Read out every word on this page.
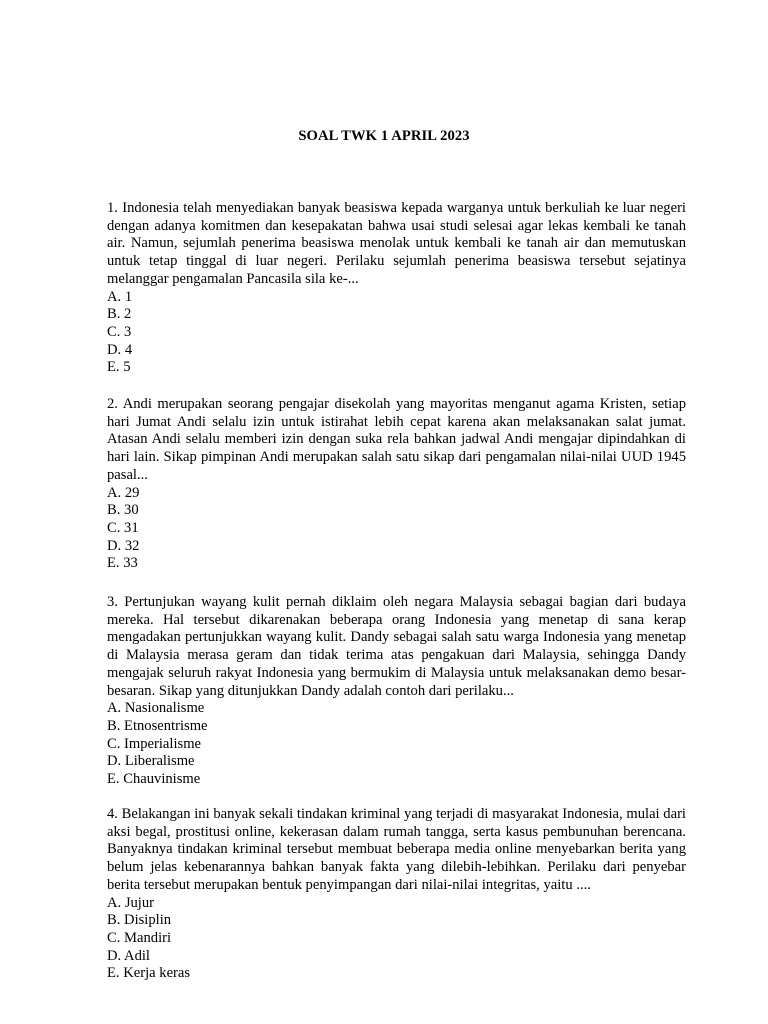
SOAL TWK 1 APRIL 2023

1. Indonesia telah menyediakan banyak beasiswa kepada warganya untuk berkuliah ke luar negeri dengan adanya komitmen dan kesepakatan bahwa usai studi selesai agar lekas kembali ke tanah air. Namun, sejumlah penerima beasiswa menolak untuk kembali ke tanah air dan memutuskan untuk tetap tinggal di luar negeri. Perilaku sejumlah penerima beasiswa tersebut sejatinya melanggar pengamalan Pancasila sila ke-...

A. 1

B. 2

C. 3

D. 4

E. 5

2. Andi merupakan seorang pengajar disekolah yang mayoritas menganut agama Kristen, setiap hari Jumat Andi selalu izin untuk istirahat lebih cepat karena akan melaksanakan salat jumat. Atasan Andi selalu memberi izin dengan suka rela bahkan jadwal Andi mengajar dipindahkan di hari lain. Sikap pimpinan Andi merupakan salah satu sikap dari pengamalan nilai-nilai UUD 1945 pasal...

A. 29

B. 30

C. 31

D. 32

E. 33

3. Pertunjukan wayang kulit pernah diklaim oleh negara Malaysia sebagai bagian dari budaya mereka. Hal tersebut dikarenakan beberapa orang Indonesia yang menetap di sana kerap mengadakan pertunjukkan wayang kulit. Dandy sebagai salah satu warga Indonesia yang menetap di Malaysia merasa geram dan tidak terima atas pengakuan dari Malaysia, sehingga Dandy mengajak seluruh rakyat Indonesia yang bermukim di Malaysia untuk melaksanakan demo besar-besaran. Sikap yang ditunjukkan Dandy adalah contoh dari perilaku...

A. Nasionalisme

B. Etnosentrisme

C. Imperialisme

D. Liberalisme

E. Chauvinisme

4. Belakangan ini banyak sekali tindakan kriminal yang terjadi di masyarakat Indonesia, mulai dari aksi begal, prostitusi online, kekerasan dalam rumah tangga, serta kasus pembunuhan berencana. Banyaknya tindakan kriminal tersebut membuat beberapa media online menyebarkan berita yang belum jelas kebenarannya bahkan banyak fakta yang dilebih-lebihkan. Perilaku dari penyebar berita tersebut merupakan bentuk penyimpangan dari nilai-nilai integritas, yaitu ....

A. Jujur

B. Disiplin

C. Mandiri

D. Adil

E. Kerja keras
